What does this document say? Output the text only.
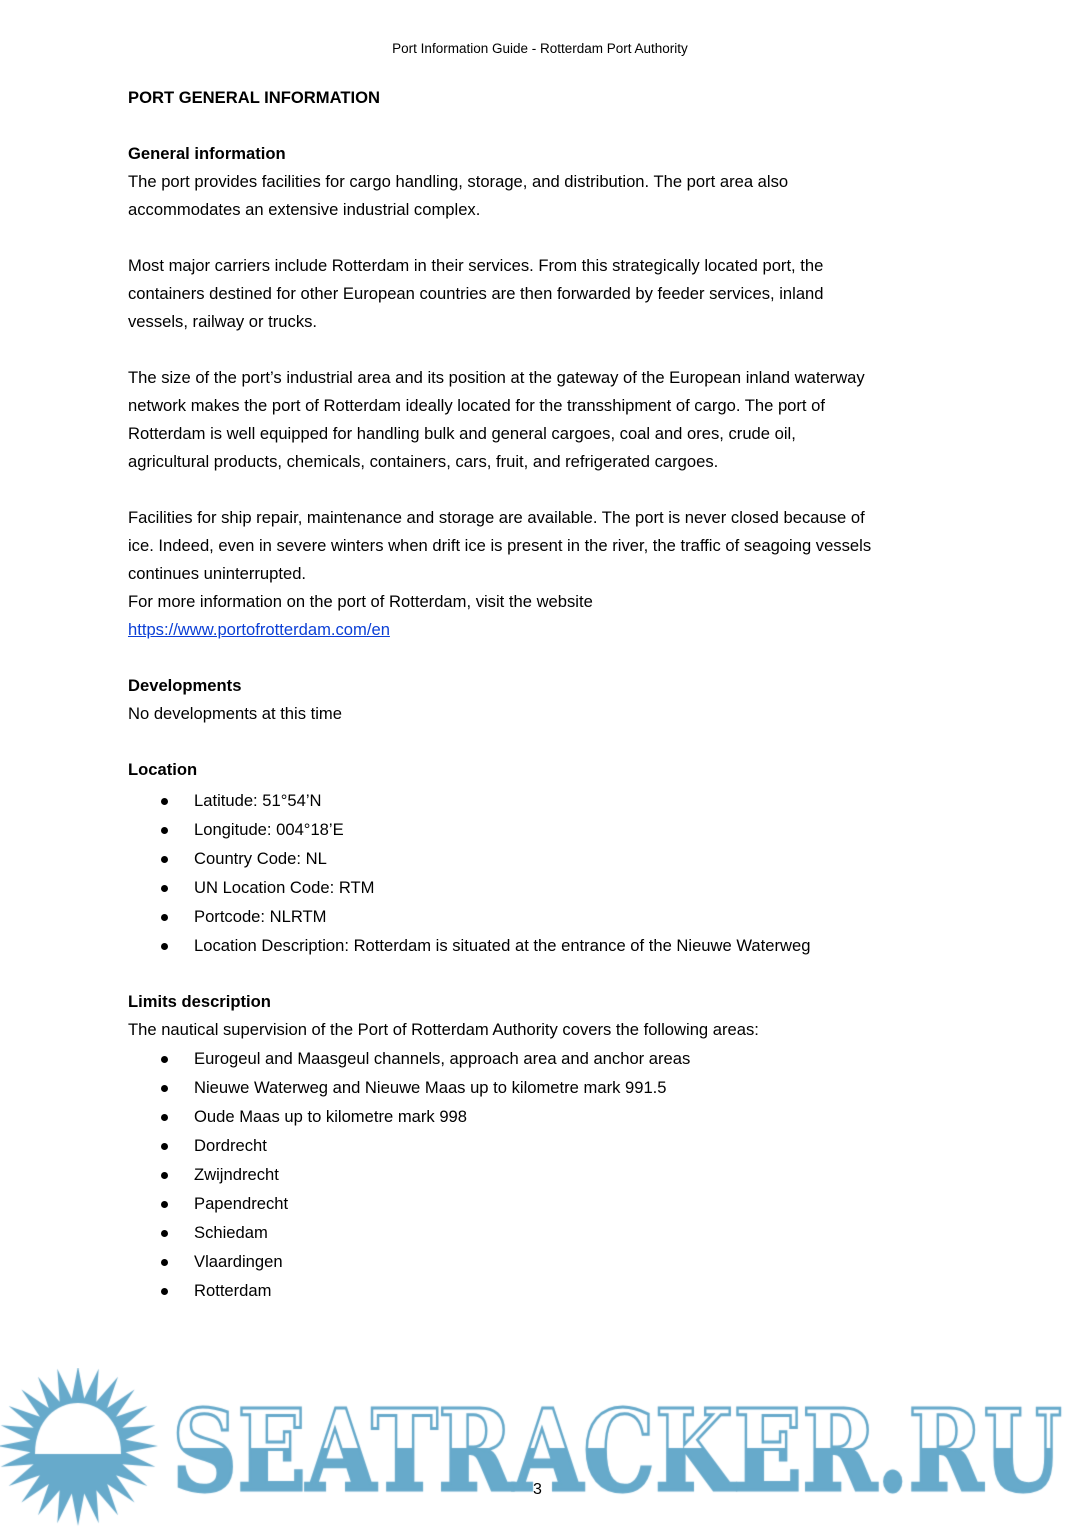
Port Information Guide - Rotterdam Port Authority
PORT GENERAL INFORMATION
General information
The port provides facilities for cargo handling, storage, and distribution. The port area also
accommodates an extensive industrial complex.
Most major carriers include Rotterdam in their services. From this strategically located port, the
containers destined for other European countries are then forwarded by feeder services, inland
vessels, railway or trucks.
The size of the port’s industrial area and its position at the gateway of the European inland waterway
network makes the port of Rotterdam ideally located for the transshipment of cargo. The port of
Rotterdam is well equipped for handling bulk and general cargoes, coal and ores, crude oil,
agricultural products, chemicals, containers, cars, fruit, and refrigerated cargoes.
Facilities for ship repair, maintenance and storage are available. The port is never closed because of
ice. Indeed, even in severe winters when drift ice is present in the river, the traffic of seagoing vessels
continues uninterrupted.
For more information on the port of Rotterdam, visit the website
https://www.portofrotterdam.com/en
Developments
No developments at this time
Location
Latitude: 51°54’N
Longitude: 004°18’E
Country Code: NL
UN Location Code: RTM
Portcode: NLRTM
Location Description: Rotterdam is situated at the entrance of the Nieuwe Waterweg
Limits description
The nautical supervision of the Port of Rotterdam Authority covers the following areas:
Eurogeul and Maasgeul channels, approach area and anchor areas
Nieuwe Waterweg and Nieuwe Maas up to kilometre mark 991.5
Oude Maas up to kilometre mark 998
Dordrecht
Zwijndrecht
Papendrecht
Schiedam
Vlaardingen
Rotterdam
3
